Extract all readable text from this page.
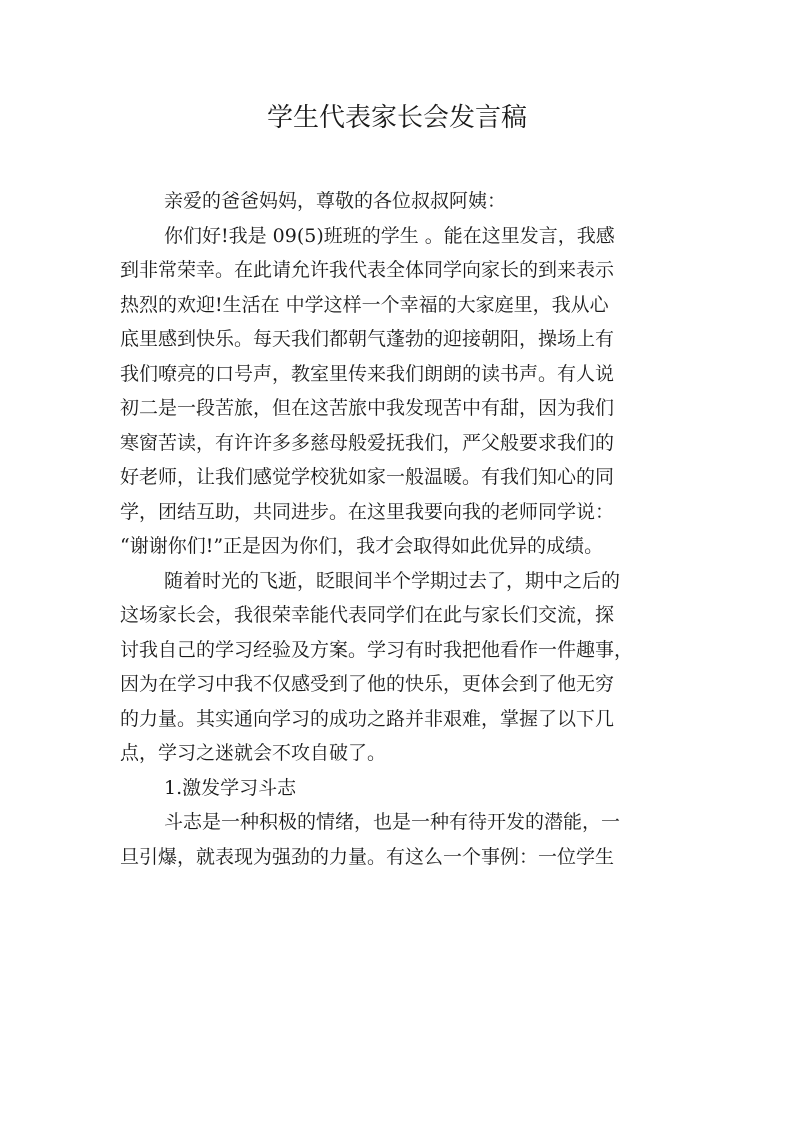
学生代表家长会发言稿
亲爱的爸爸妈妈，尊敬的各位叔叔阿姨：
你们好!我是 09(5)班班的学生 。能在这里发言，我感
到非常荣幸。在此请允许我代表全体同学向家长的到来表示
热烈的欢迎!生活在 中学这样一个幸福的大家庭里，我从心
底里感到快乐。每天我们都朝气蓬勃的迎接朝阳，操场上有
我们嘹亮的口号声，教室里传来我们朗朗的读书声。有人说
初二是一段苦旅，但在这苦旅中我发现苦中有甜，因为我们
寒窗苦读，有许许多多慈母般爱抚我们，严父般要求我们的
好老师，让我们感觉学校犹如家一般温暖。有我们知心的同
学，团结互助，共同进步。在这里我要向我的老师同学说：
“谢谢你们!”正是因为你们，我才会取得如此优异的成绩。
随着时光的飞逝，眨眼间半个学期过去了，期中之后的
这场家长会，我很荣幸能代表同学们在此与家长们交流，探
讨我自己的学习经验及方案。学习有时我把他看作一件趣事，
因为在学习中我不仅感受到了他的快乐，更体会到了他无穷
的力量。其实通向学习的成功之路并非艰难，掌握了以下几
点，学习之迷就会不攻自破了。
1.激发学习斗志
斗志是一种积极的情绪，也是一种有待开发的潜能，一
旦引爆，就表现为强劲的力量。有这么一个事例：一位学生
